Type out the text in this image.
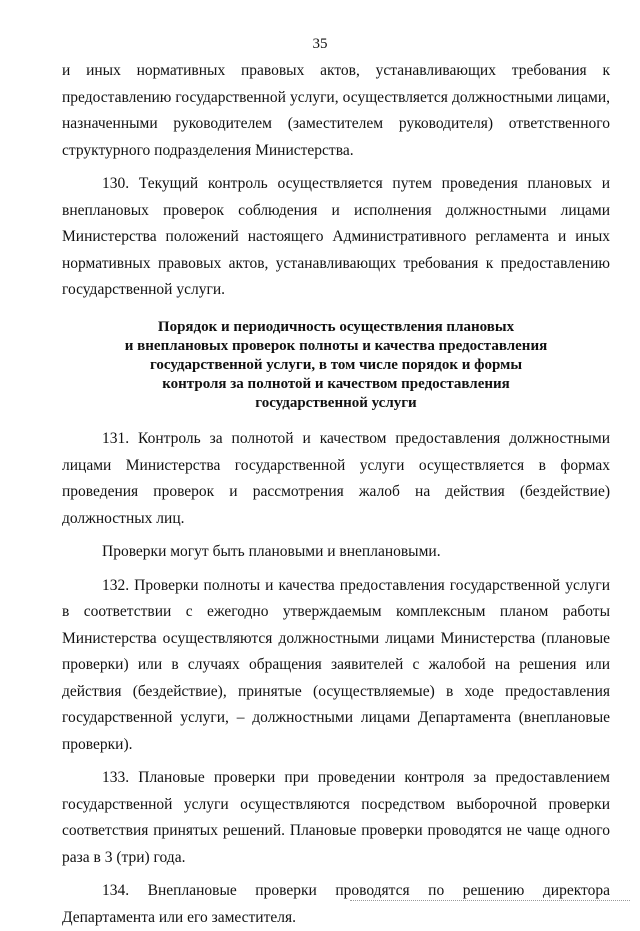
35

и иных нормативных правовых актов, устанавливающих требования к предоставлению государственной услуги, осуществляется должностными лицами, назначенными руководителем (заместителем руководителя) ответственного структурного подразделения Министерства.

130. Текущий контроль осуществляется путем проведения плановых и внеплановых проверок соблюдения и исполнения должностными лицами Министерства положений настоящего Административного регламента и иных нормативных правовых актов, устанавливающих требования к предоставлению государственной услуги.

Порядок и периодичность осуществления плановых
и внеплановых проверок полноты и качества предоставления
государственной услуги, в том числе порядок и формы
контроля за полнотой и качеством предоставления
государственной услуги

131. Контроль за полнотой и качеством предоставления должностными лицами Министерства государственной услуги осуществляется в формах проведения проверок и рассмотрения жалоб на действия (бездействие) должностных лиц.

Проверки могут быть плановыми и внеплановыми.

132. Проверки полноты и качества предоставления государственной услуги в соответствии с ежегодно утверждаемым комплексным планом работы Министерства осуществляются должностными лицами Министерства (плановые проверки) или в случаях обращения заявителей с жалобой на решения или действия (бездействие), принятые (осуществляемые) в ходе предоставления государственной услуги, – должностными лицами Департамента (внеплановые проверки).

133. Плановые проверки при проведении контроля за предоставлением государственной услуги осуществляются посредством выборочной проверки соответствия принятых решений. Плановые проверки проводятся не чаще одного раза в 3 (три) года.

134. Внеплановые проверки проводятся по решению директора Департамента или его заместителя.
